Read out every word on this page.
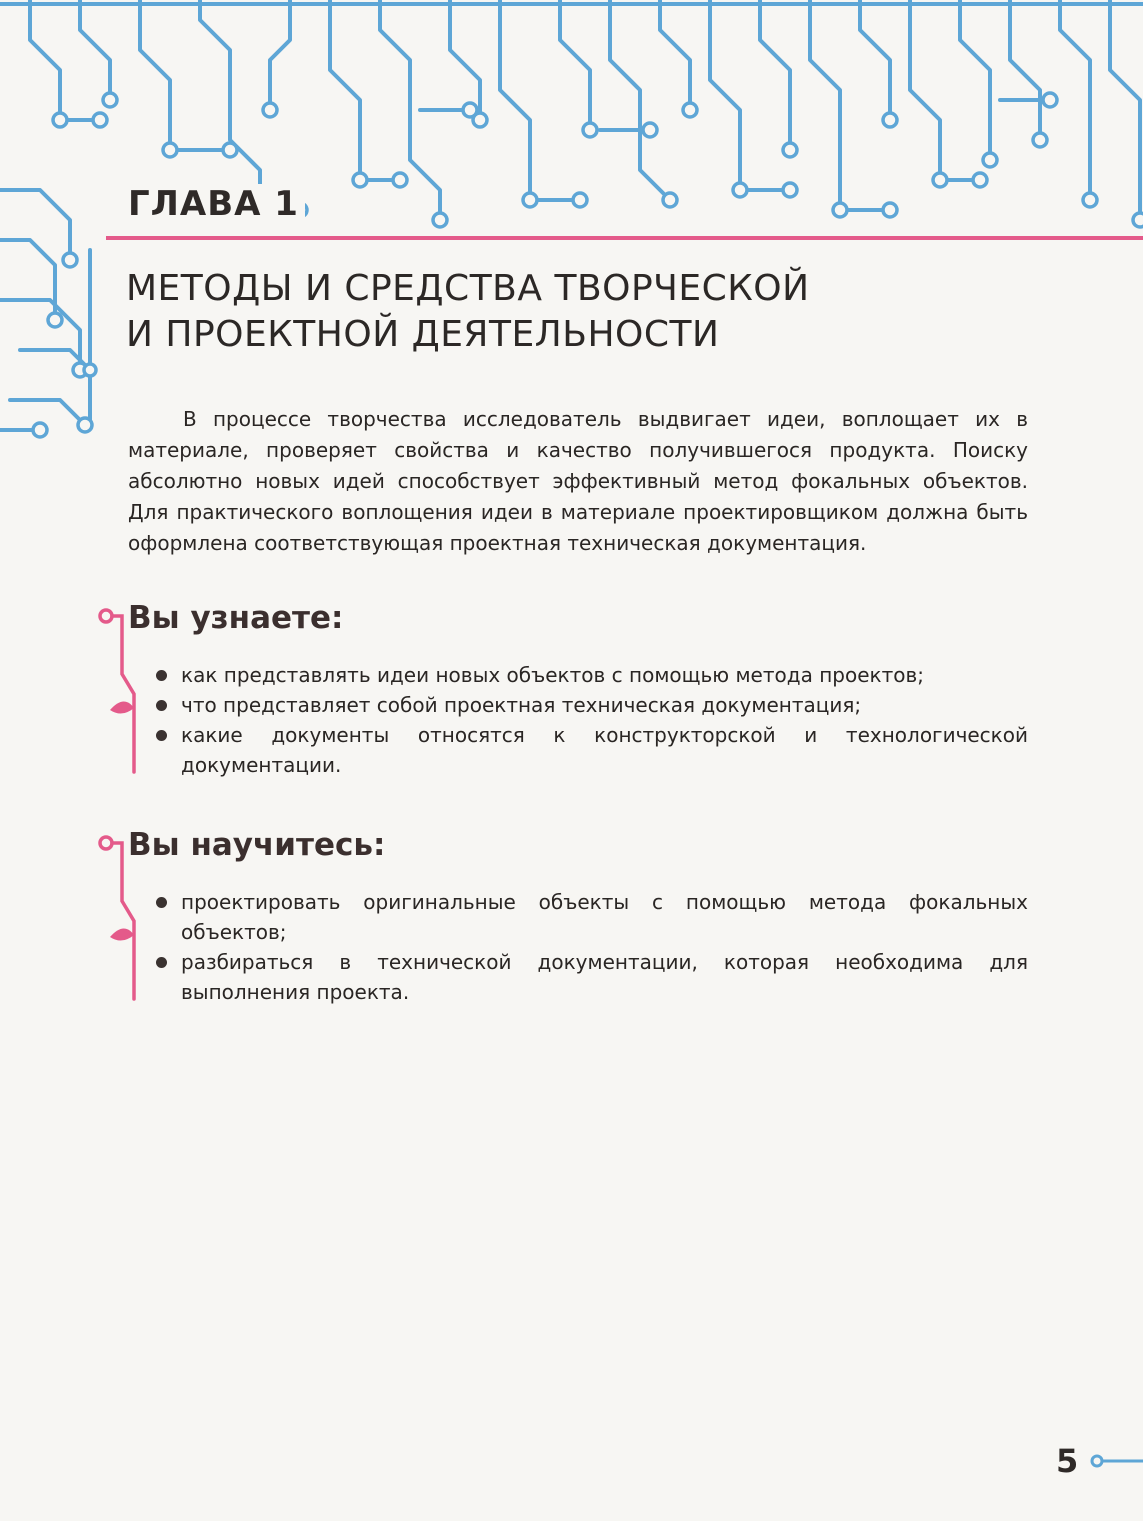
ГЛАВА 1
МЕТОДЫ И СРЕДСТВА ТВОРЧЕСКОЙ
И ПРОЕКТНОЙ ДЕЯТЕЛЬНОСТИ

В процессе творчества исследователь выдвигает идеи, воплощает их в материале, проверяет свойства и качество получившегося продукта. Поиску абсолютно новых идей способствует эффективный метод фокальных объектов. Для практического воплощения идеи в материале проектировщиком должна быть оформлена соответствующая проектная техническая документация.

Вы узнаете:
как представлять идеи новых объектов с помощью метода проектов;
что представляет собой проектная техническая документация;
какие документы относятся к конструкторской и технологической документации.
Вы научитесь:
проектировать оригинальные объекты с помощью метода фокальных объектов;
разбираться в технической документации, которая необходима для выполнения проекта.
5
